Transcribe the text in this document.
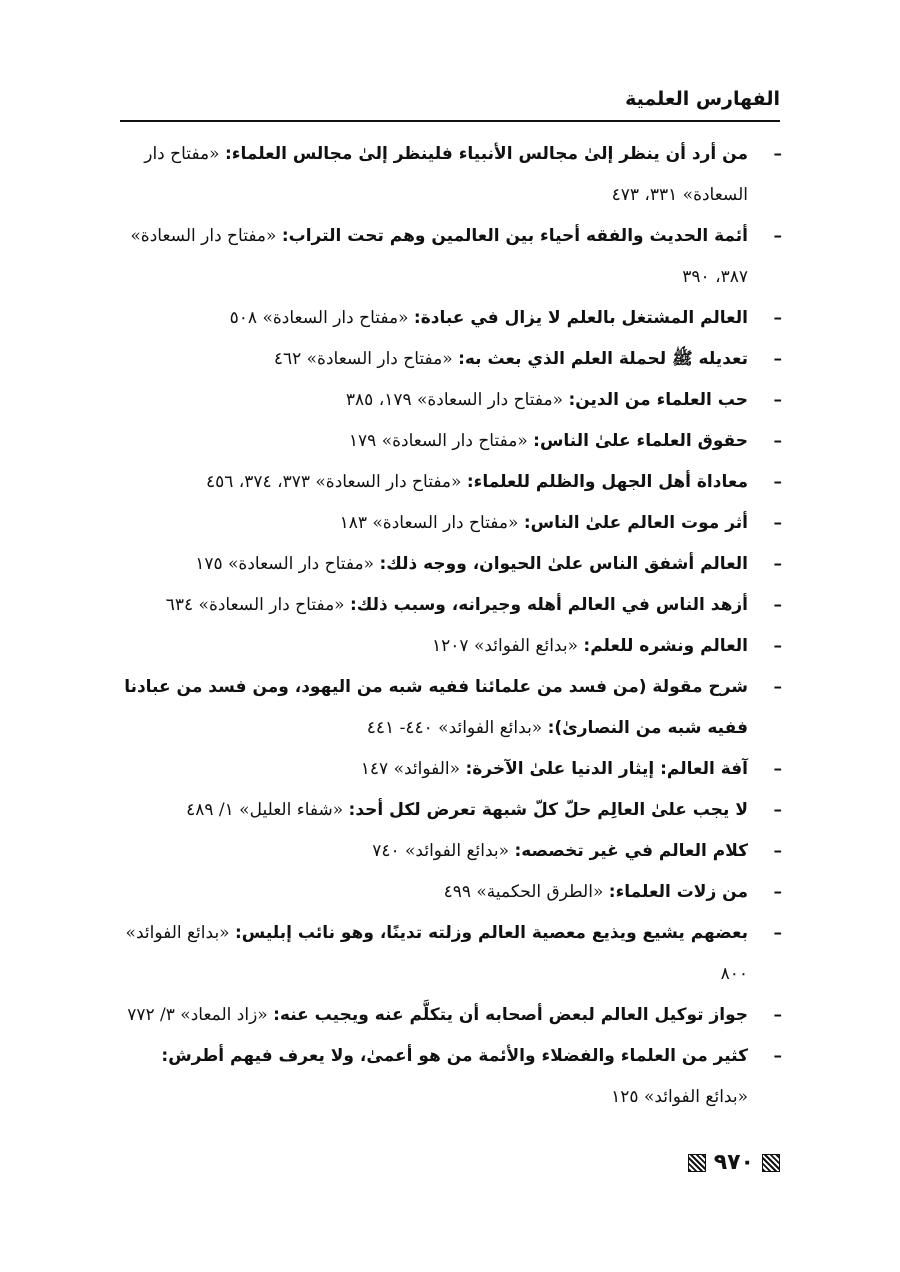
الفهارس العلمية
–
من أرد أن ينظر إلىٰ مجالس الأنبياء فلينظر إلىٰ مجالس العلماء: «مفتاح دار السعادة» ٣٣١، ٤٧٣
–
أئمة الحديث والفقه أحياء بين العالمين وهم تحت التراب: «مفتاح دار السعادة» ٣٨٧، ٣٩٠
–
العالم المشتغل بالعلم لا يزال في عبادة: «مفتاح دار السعادة» ٥٠٨
–
تعديله ﷺ لحملة العلم الذي بعث به: «مفتاح دار السعادة» ٤٦٢
–
حب العلماء من الدين: «مفتاح دار السعادة» ١٧٩، ٣٨٥
–
حقوق العلماء علىٰ الناس: «مفتاح دار السعادة» ١٧٩
–
معاداة أهل الجهل والظلم للعلماء: «مفتاح دار السعادة» ٣٧٣، ٣٧٤، ٤٥٦
–
أثر موت العالم علىٰ الناس: «مفتاح دار السعادة» ١٨٣
–
العالم أشفق الناس علىٰ الحيوان، ووجه ذلك: «مفتاح دار السعادة» ١٧٥
–
أزهد الناس في العالم أهله وجيرانه، وسبب ذلك: «مفتاح دار السعادة» ٦٣٤
–
العالم ونشره للعلم: «بدائع الفوائد» ١٢٠٧
–
شرح مقولة (من فسد من علمائنا ففيه شبه من اليهود، ومن فسد من عبادنا ففيه شبه من النصارىٰ): «بدائع الفوائد» ٤٤٠- ٤٤١
–
آفة العالم: إيثار الدنيا علىٰ الآخرة: «الفوائد» ١٤٧
–
لا يجب علىٰ العالِم حلّ كلّ شبهة تعرض لكل أحد: «شفاء العليل» ١/ ٤٨٩
–
كلام العالم في غير تخصصه: «بدائع الفوائد» ٧٤٠
–
من زلات العلماء: «الطرق الحكمية» ٤٩٩
–
بعضهم يشيع ويذيع معصية العالم وزلته تدينًا، وهو نائب إبليس: «بدائع الفوائد» ٨٠٠
–
جواز توكيل العالم لبعض أصحابه أن يتكلَّم عنه ويجيب عنه: «زاد المعاد» ٣/ ٧٧٢
–
كثير من العلماء والفضلاء والأئمة من هو أعمىٰ، ولا يعرف فيهم أطرش: «بدائع الفوائد» ١٢٥
٩٧٠
